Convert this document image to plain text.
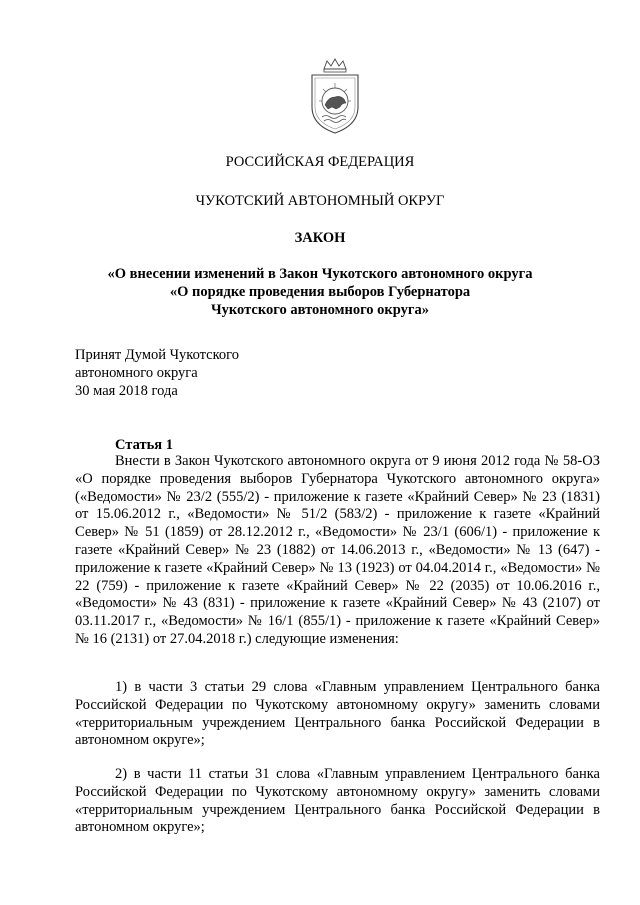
РОССИЙСКАЯ ФЕДЕРАЦИЯ
ЧУКОТСКИЙ АВТОНОМНЫЙ ОКРУГ
ЗАКОН
«О внесении изменений в Закон Чукотского автономного округа
«О порядке проведения выборов Губернатора
Чукотского автономного округа»
Принят Думой Чукотского
автономного округа
30 мая 2018 года
Статья 1

Внести в Закон Чукотского автономного округа от 9 июня 2012 года № 58-ОЗ «О порядке проведения выборов Губернатора Чукотского автономного округа» («Ведомости» № 23/2 (555/2) - приложение к газете «Крайний Север» № 23 (1831) от 15.06.2012 г., «Ведомости» № 51/2 (583/2) - приложение к газете «Крайний Север» № 51 (1859) от 28.12.2012 г., «Ведомости» № 23/1 (606/1) - приложение к газете «Крайний Север» № 23 (1882) от 14.06.2013 г., «Ведомости» № 13 (647) - приложение к газете «Крайний Север» № 13 (1923) от 04.04.2014 г., «Ведомости» № 22 (759) - приложение к газете «Крайний Север» № 22 (2035) от 10.06.2016 г., «Ведомости» № 43 (831) - приложение к газете «Крайний Север» № 43 (2107) от 03.11.2017 г., «Ведомости» № 16/1 (855/1) - приложение к газете «Крайний Север» № 16 (2131) от 27.04.2018 г.) следующие изменения:

1) в части 3 статьи 29 слова «Главным управлением Центрального банка Российской Федерации по Чукотскому автономному округу» заменить словами «территориальным учреждением Центрального банка Российской Федерации в автономном округе»;

2) в части 11 статьи 31 слова «Главным управлением Центрального банка Российской Федерации по Чукотскому автономному округу» заменить словами «территориальным учреждением Центрального банка Российской Федерации в автономном округе»;
